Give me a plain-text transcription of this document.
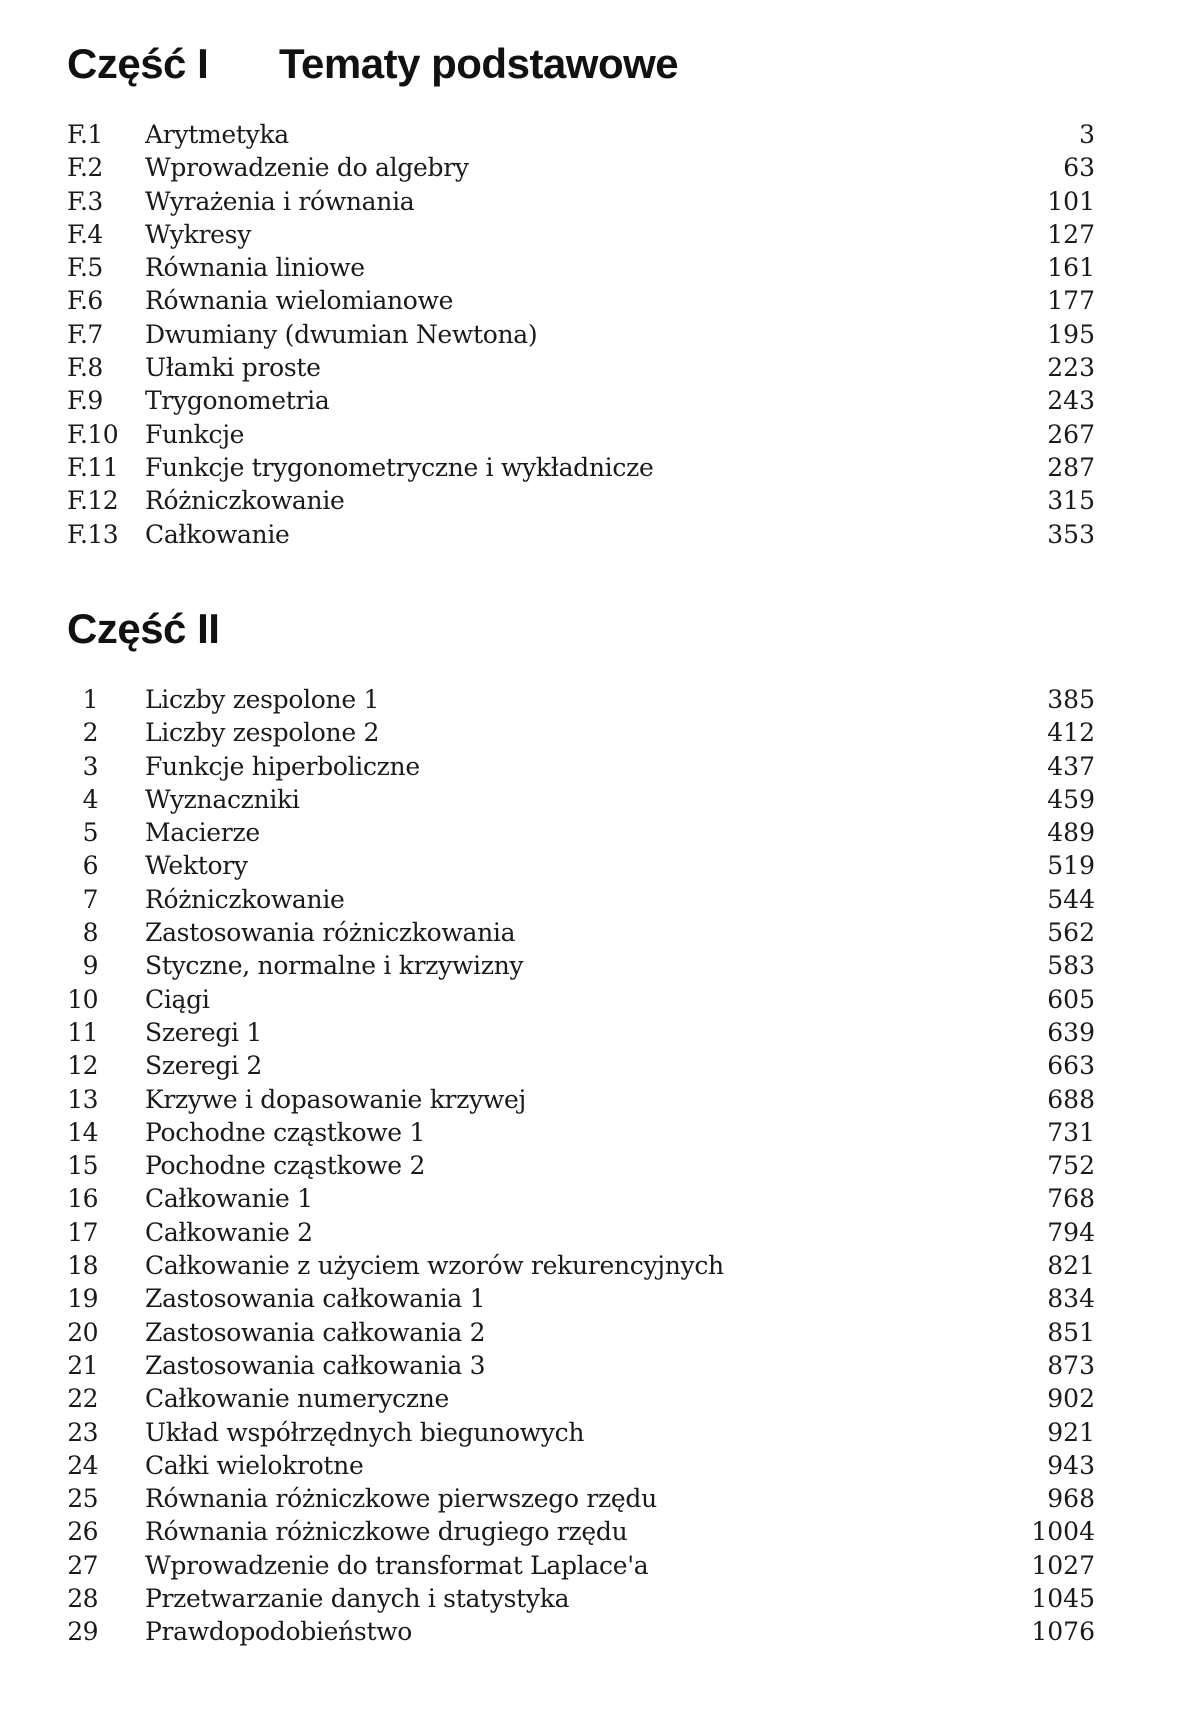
Część I Tematy podstawowe
F.1	Arytmetyka	3
F.2	Wprowadzenie do algebry	63
F.3	Wyrażenia i równania	101
F.4	Wykresy	127
F.5	Równania liniowe	161
F.6	Równania wielomianowe	177
F.7	Dwumiany (dwumian Newtona)	195
F.8	Ułamki proste	223
F.9	Trygonometria	243
F.10 Funkcje	267
F.11 Funkcje trygonometryczne i wykładnicze	287
F.12 Różniczkowanie	315
F.13 Całkowanie	353
Część II
1 Liczby zespolone 1	385
2 Liczby zespolone 2	412
3 Funkcje hiperboliczne	437
4 Wyznaczniki	459
5 Macierze	489
6 Wektory	519
7 Różniczkowanie	544
8 Zastosowania różniczkowania	562
9 Styczne, normalne i krzywizny	583
10 Ciągi	605
11 Szeregi 1	639
12 Szeregi 2	663
13 Krzywe i dopasowanie krzywej	688
14 Pochodne cząstkowe 1	731
15 Pochodne cząstkowe 2	752
16 Całkowanie 1	768
17 Całkowanie 2	794
18 Całkowanie z użyciem wzorów rekurencyjnych	821
19 Zastosowania całkowania 1	834
20 Zastosowania całkowania 2	851
21 Zastosowania całkowania 3	873
22 Całkowanie numeryczne	902
23 Układ współrzędnych biegunowych	921
24 Całki wielokrotne	943
25 Równania różniczkowe pierwszego rzędu	968
26 Równania różniczkowe drugiego rzędu	1004
27 Wprowadzenie do transformat Laplace'a	1027
28 Przetwarzanie danych i statystyka	1045
29 Prawdopodobieństwo	1076
